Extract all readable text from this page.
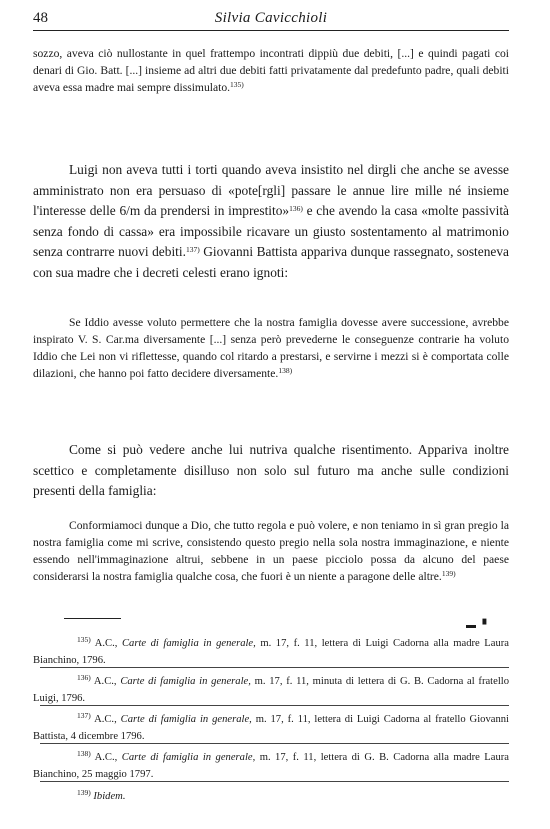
48	Silvia Cavicchioli
sozzo, aveva ciò nullostante in quel frattempo incontrati dippiù due debiti, [...] e quindi pagati coi denari di Gio. Batt. [...] insieme ad altri due debiti fatti privatamente dal predefunto padre, quali debiti aveva essa madre mai sempre dissimulato.$^{135)}$
Luigi non aveva tutti i torti quando aveva insistito nel dirgli che anche se avesse amministrato non era persuaso di «pote[rgli] passare le annue lire mille né insieme l'interesse delle 6/m da prendersi in imprestito»$^{136)}$ e che avendo la casa «molte passività senza fondo di cassa» era impossibile ricavare un giusto sostentamento al matrimonio senza contrarre nuovi debiti.$^{137)}$ Giovanni Battista appariva dunque rassegnato, sosteneva con sua madre che i decreti celesti erano ignoti:
Se Iddio avesse voluto permettere che la nostra famiglia dovesse avere successione, avrebbe inspirato V. S. Car.ma diversamente [...] senza però prevederne le conseguenze contrarie ha voluto Iddio che Lei non vi riflettesse, quando col ritardo a prestarsi, e servirne i mezzi si è comportata colle dilazioni, che hanno poi fatto decidere diversamente.$^{138)}$
Come si può vedere anche lui nutriva qualche risentimento. Appariva inoltre scettico e completamente disilluso non solo sul futuro ma anche sulle condizioni presenti della famiglia:
Conformiamoci dunque a Dio, che tutto regola e può volere, e non teniamo in sì gran pregio la nostra famiglia come mi scrive, consistendo questo pregio nella sola nostra immaginazione, e niente essendo nell'immaginazione altrui, sebbene in un paese picciolo possa da alcuno del paese considerarsi la nostra famiglia qualche cosa, che fuori è un niente a paragone delle altre.$^{139)}$
▬ ▘
$^{135)}$ A.C., Carte di famiglia in generale, m. 17, f. 11, lettera di Luigi Cadorna alla madre Laura Bianchino, 1796.
$^{136)}$ A.C., Carte di famiglia in generale, m. 17, f. 11, minuta di lettera di G. B. Cadorna al fratello Luigi, 1796.
$^{137)}$ A.C., Carte di famiglia in generale, m. 17, f. 11, lettera di Luigi Cadorna al fratello Giovanni Battista, 4 dicembre 1796.
$^{138)}$ A.C., Carte di famiglia in generale, m. 17, f. 11, lettera di G. B. Cadorna alla madre Laura Bianchino, 25 maggio 1797.
$^{139)}$ Ibidem.
